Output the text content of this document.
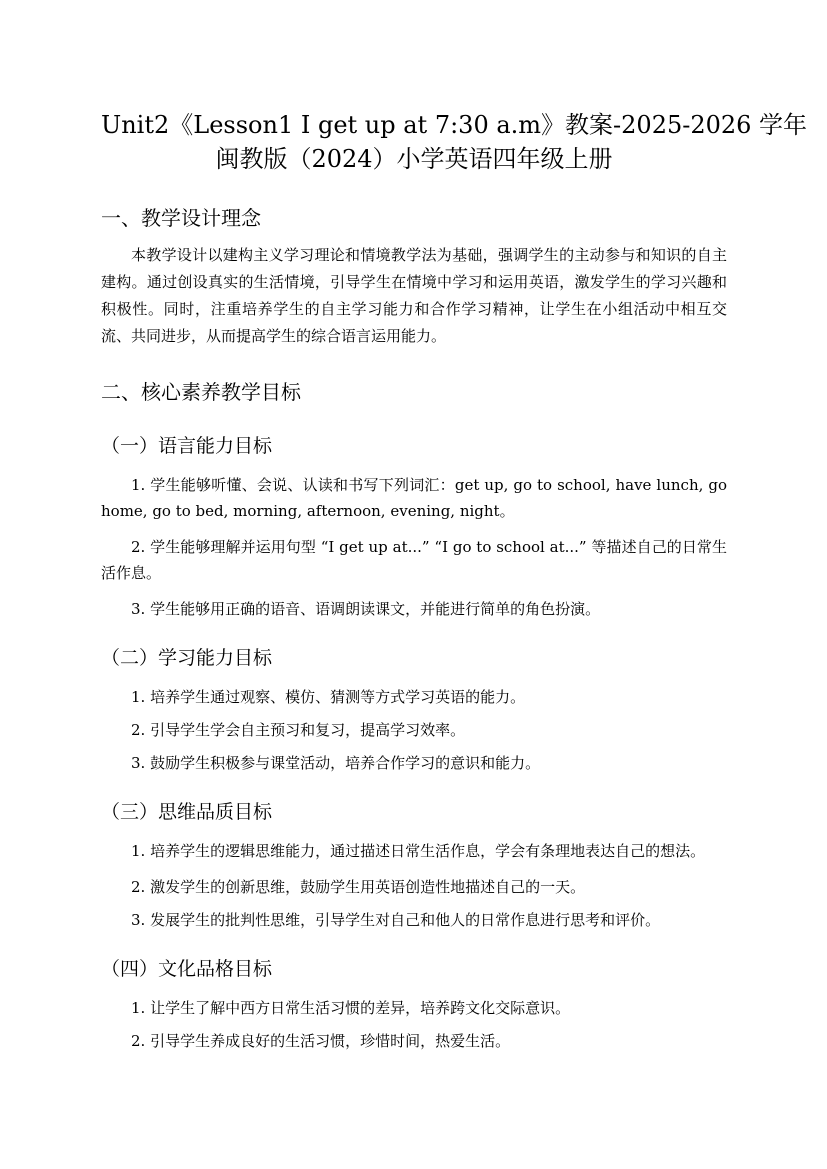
Unit2《Lesson1 I get up at 7:30 a.m》教案-2025-2026 学年
闽教版（2024）小学英语四年级上册
一、教学设计理念

本教学设计以建构主义学习理论和情境教学法为基础，强调学生的主动参与和知识的自主建构。通过创设真实的生活情境，引导学生在情境中学习和运用英语，激发学生的学习兴趣和积极性。同时，注重培养学生的自主学习能力和合作学习精神，让学生在小组活动中相互交流、共同进步，从而提高学生的综合语言运用能力。

二、核心素养教学目标
（一）语言能力目标

1. 学生能够听懂、会说、认读和书写下列词汇：get up, go to school, have lunch, go home, go to bed, morning, afternoon, evening, night。

2. 学生能够理解并运用句型 “I get up at...” “I go to school at...” 等描述自己的日常生活作息。

3. 学生能够用正确的语音、语调朗读课文，并能进行简单的角色扮演。

（二）学习能力目标

1. 培养学生通过观察、模仿、猜测等方式学习英语的能力。

2. 引导学生学会自主预习和复习，提高学习效率。

3. 鼓励学生积极参与课堂活动，培养合作学习的意识和能力。

（三）思维品质目标

1. 培养学生的逻辑思维能力，通过描述日常生活作息，学会有条理地表达自己的想法。

2. 激发学生的创新思维，鼓励学生用英语创造性地描述自己的一天。

3. 发展学生的批判性思维，引导学生对自己和他人的日常作息进行思考和评价。

（四）文化品格目标

1. 让学生了解中西方日常生活习惯的差异，培养跨文化交际意识。

2. 引导学生养成良好的生活习惯，珍惜时间，热爱生活。
